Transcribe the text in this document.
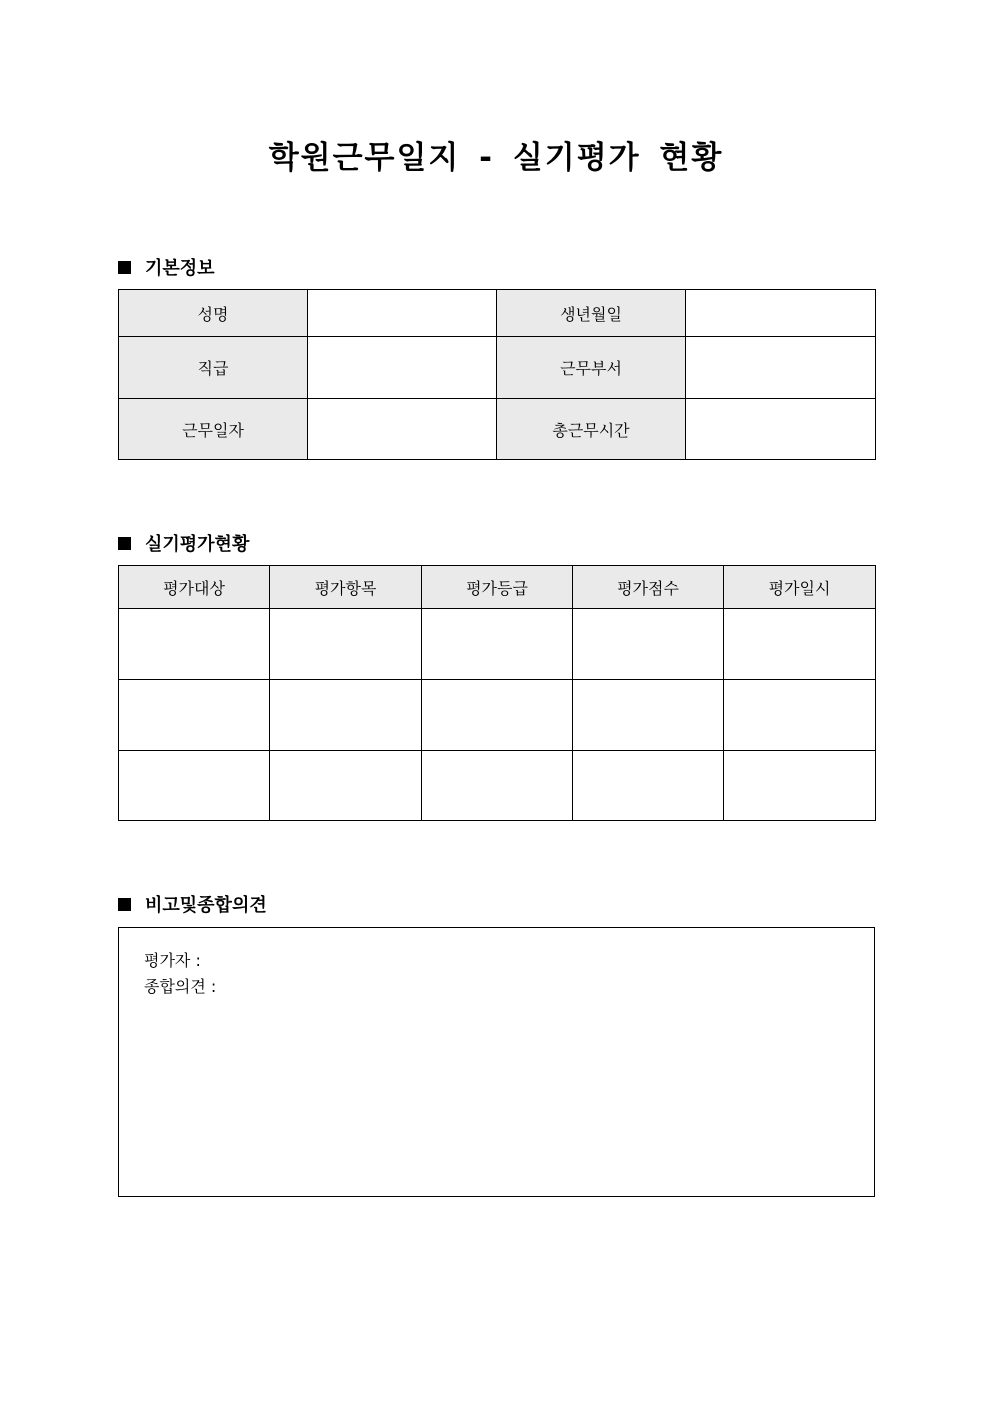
학원근무일지 - 실기평가 현황
기본정보
성명		생년월일	
직급		근무부서	
근무일자		총근무시간	
실기평가현황
평가대상	평가항목	평가등급	평가점수	평가일시

비고및종합의견
평가자 :
종합의견 :
